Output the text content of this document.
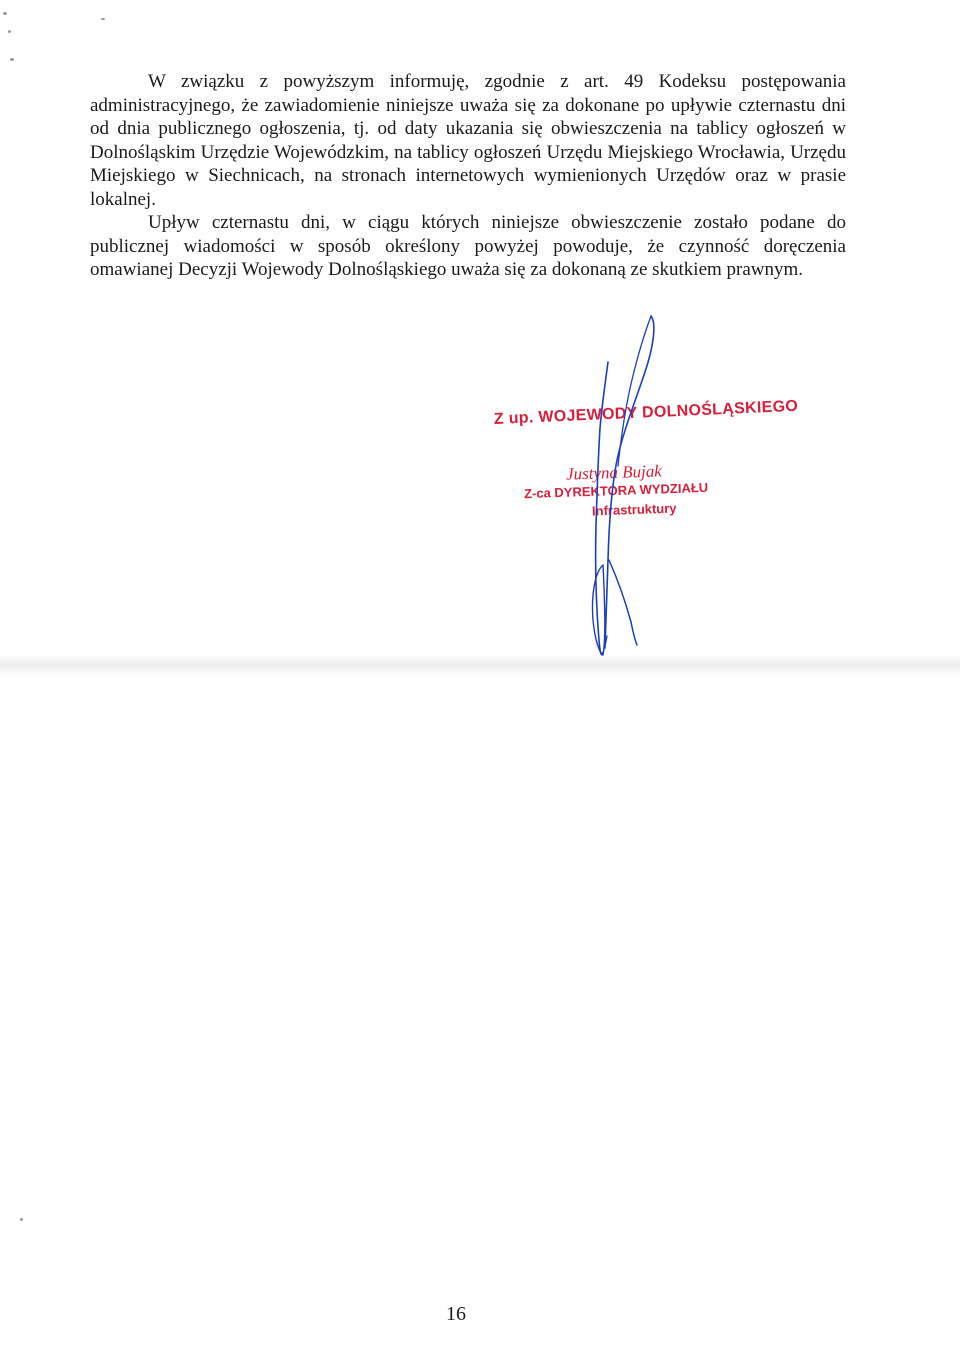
W związku z powyższym informuję, zgodnie z art. 49 Kodeksu postępowania administracyjnego, że zawiadomienie niniejsze uważa się za dokonane po upływie czternastu dni od dnia publicznego ogłoszenia, tj. od daty ukazania się obwieszczenia na tablicy ogłoszeń w Dolnośląskim Urzędzie Wojewódzkim, na tablicy ogłoszeń Urzędu Miejskiego Wrocławia, Urzędu Miejskiego w Siechnicach, na stronach internetowych wymienionych Urzędów oraz w prasie lokalnej.

Upływ czternastu dni, w ciągu których niniejsze obwieszczenie zostało podane do publicznej wiadomości w sposób określony powyżej powoduje, że czynność doręczenia omawianej Decyzji Wojewody Dolnośląskiego uważa się za dokonaną ze skutkiem prawnym.

Z up. WOJEWODY DOLNOŚLĄSKIEGO
Justyna Bujak
Z-ca DYREKTORA WYDZIAŁU
Infrastruktury
16
